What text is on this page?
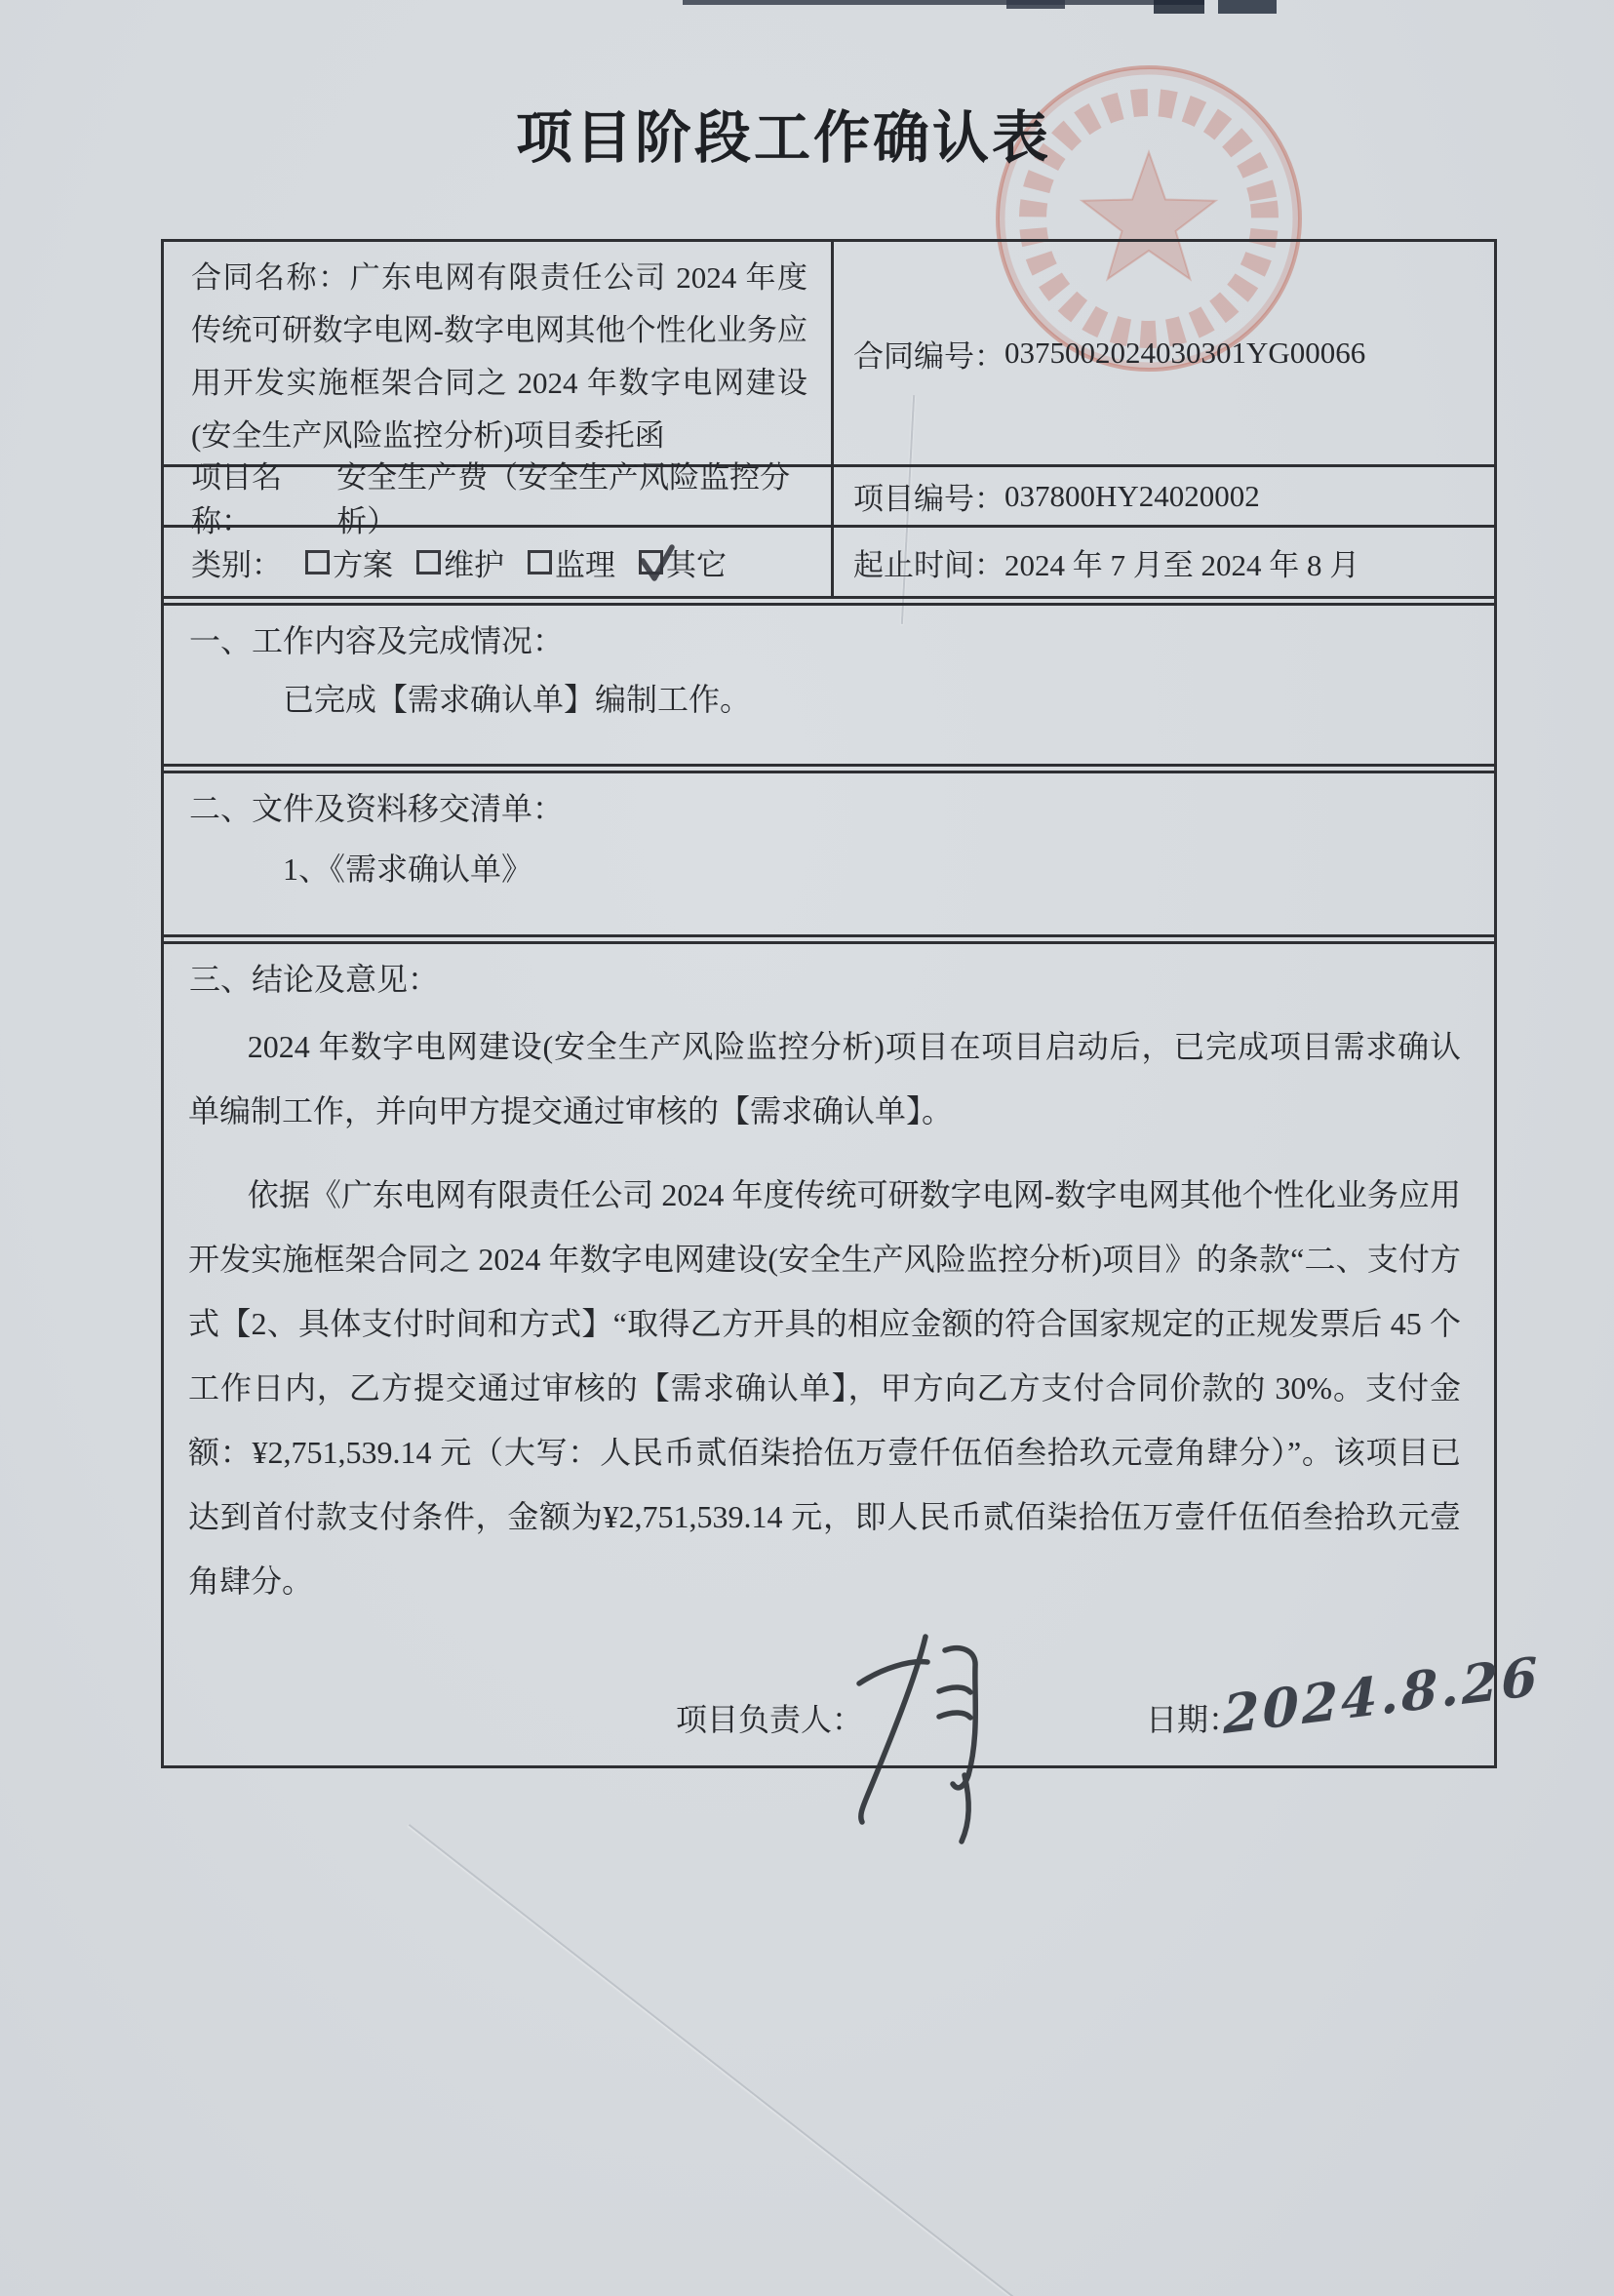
项目阶段工作确认表
合同名称：广东电网有限责任公司 2024 年度传统可研数字电网-数字电网其他个性化业务应用开发实施框架合同之 2024 年数字电网建设(安全生产风险监控分析)项目委托函
合同编号： 0375002024030301YG00066
项目名称：
安全生产费（安全生产风险监控分析）
项目编号： 037800HY24020002
类别： 方案 维护 监理 其它	起止时间： 2024 年 7 月至 2024 年 8 月
一、工作内容及完成情况：
已完成【需求确认单】编制工作。
二、文件及资料移交清单：
1、《需求确认单》
三、结论及意见：

2024 年数字电网建设(安全生产风险监控分析)项目在项目启动后，已完成项目需求确认单编制工作，并向甲方提交通过审核的【需求确认单】。

依据《广东电网有限责任公司 2024 年度传统可研数字电网-数字电网其他个性化业务应用开发实施框架合同之 2024 年数字电网建设(安全生产风险监控分析)项目》的条款“二、支付方式【2、具体支付时间和方式】“取得乙方开具的相应金额的符合国家规定的正规发票后 45 个工作日内，乙方提交通过审核的【需求确认单】，甲方向乙方支付合同价款的 30%。支付金额：¥2,751,539.14 元（大写：人民币贰佰柒拾伍万壹仟伍佰叁拾玖元壹角肆分）”。该项目已达到首付款支付条件，金额为¥2,751,539.14 元，即人民币贰佰柒拾伍万壹仟伍佰叁拾玖元壹角肆分。

项目负责人：	日期：
2024.8.26
